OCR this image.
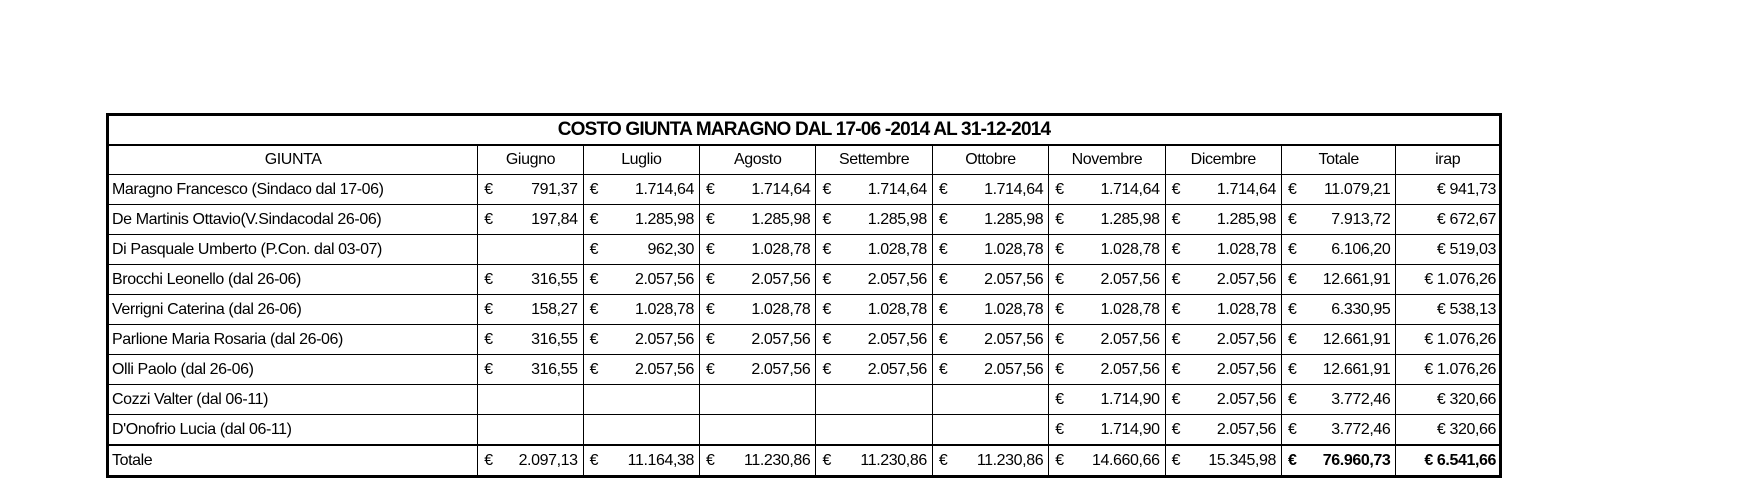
COSTO GIUNTA MARAGNO DAL 17-06 -2014 AL 31-12-2014																	
GIUNTA	Giugno		Luglio		Agosto		Settembre		Ottobre		Novembre		Dicembre		Totale		irap
Maragno Francesco (Sindaco dal 17-06)	€	791,37	€	1.714,64	€	1.714,64	€	1.714,64	€	1.714,64	€	1.714,64	€	1.714,64	€	11.079,21	€ 941,73
De Martinis Ottavio(V.Sindacodal 26-06)	€	197,84	€	1.285,98	€	1.285,98	€	1.285,98	€	1.285,98	€	1.285,98	€	1.285,98	€	7.913,72	€ 672,67
Di Pasquale Umberto (P.Con. dal 03-07)			€	962,30	€	1.028,78	€	1.028,78	€	1.028,78	€	1.028,78	€	1.028,78	€	6.106,20	€ 519,03
Brocchi Leonello (dal 26-06)	€	316,55	€	2.057,56	€	2.057,56	€	2.057,56	€	2.057,56	€	2.057,56	€	2.057,56	€	12.661,91	€ 1.076,26
Verrigni Caterina (dal 26-06)	€	158,27	€	1.028,78	€	1.028,78	€	1.028,78	€	1.028,78	€	1.028,78	€	1.028,78	€	6.330,95	€ 538,13
Parlione Maria Rosaria (dal 26-06)	€	316,55	€	2.057,56	€	2.057,56	€	2.057,56	€	2.057,56	€	2.057,56	€	2.057,56	€	12.661,91	€ 1.076,26
Olli Paolo (dal 26-06)	€	316,55	€	2.057,56	€	2.057,56	€	2.057,56	€	2.057,56	€	2.057,56	€	2.057,56	€	12.661,91	€ 1.076,26
Cozzi Valter (dal 06-11)											€	1.714,90	€	2.057,56	€	3.772,46	€ 320,66
D'Onofrio Lucia (dal 06-11)											€	1.714,90	€	2.057,56	€	3.772,46	€ 320,66
Totale	€	2.097,13	€	11.164,38	€	11.230,86	€	11.230,86	€	11.230,86	€	14.660,66	€	15.345,98	€	76.960,73	€ 6.541,66
